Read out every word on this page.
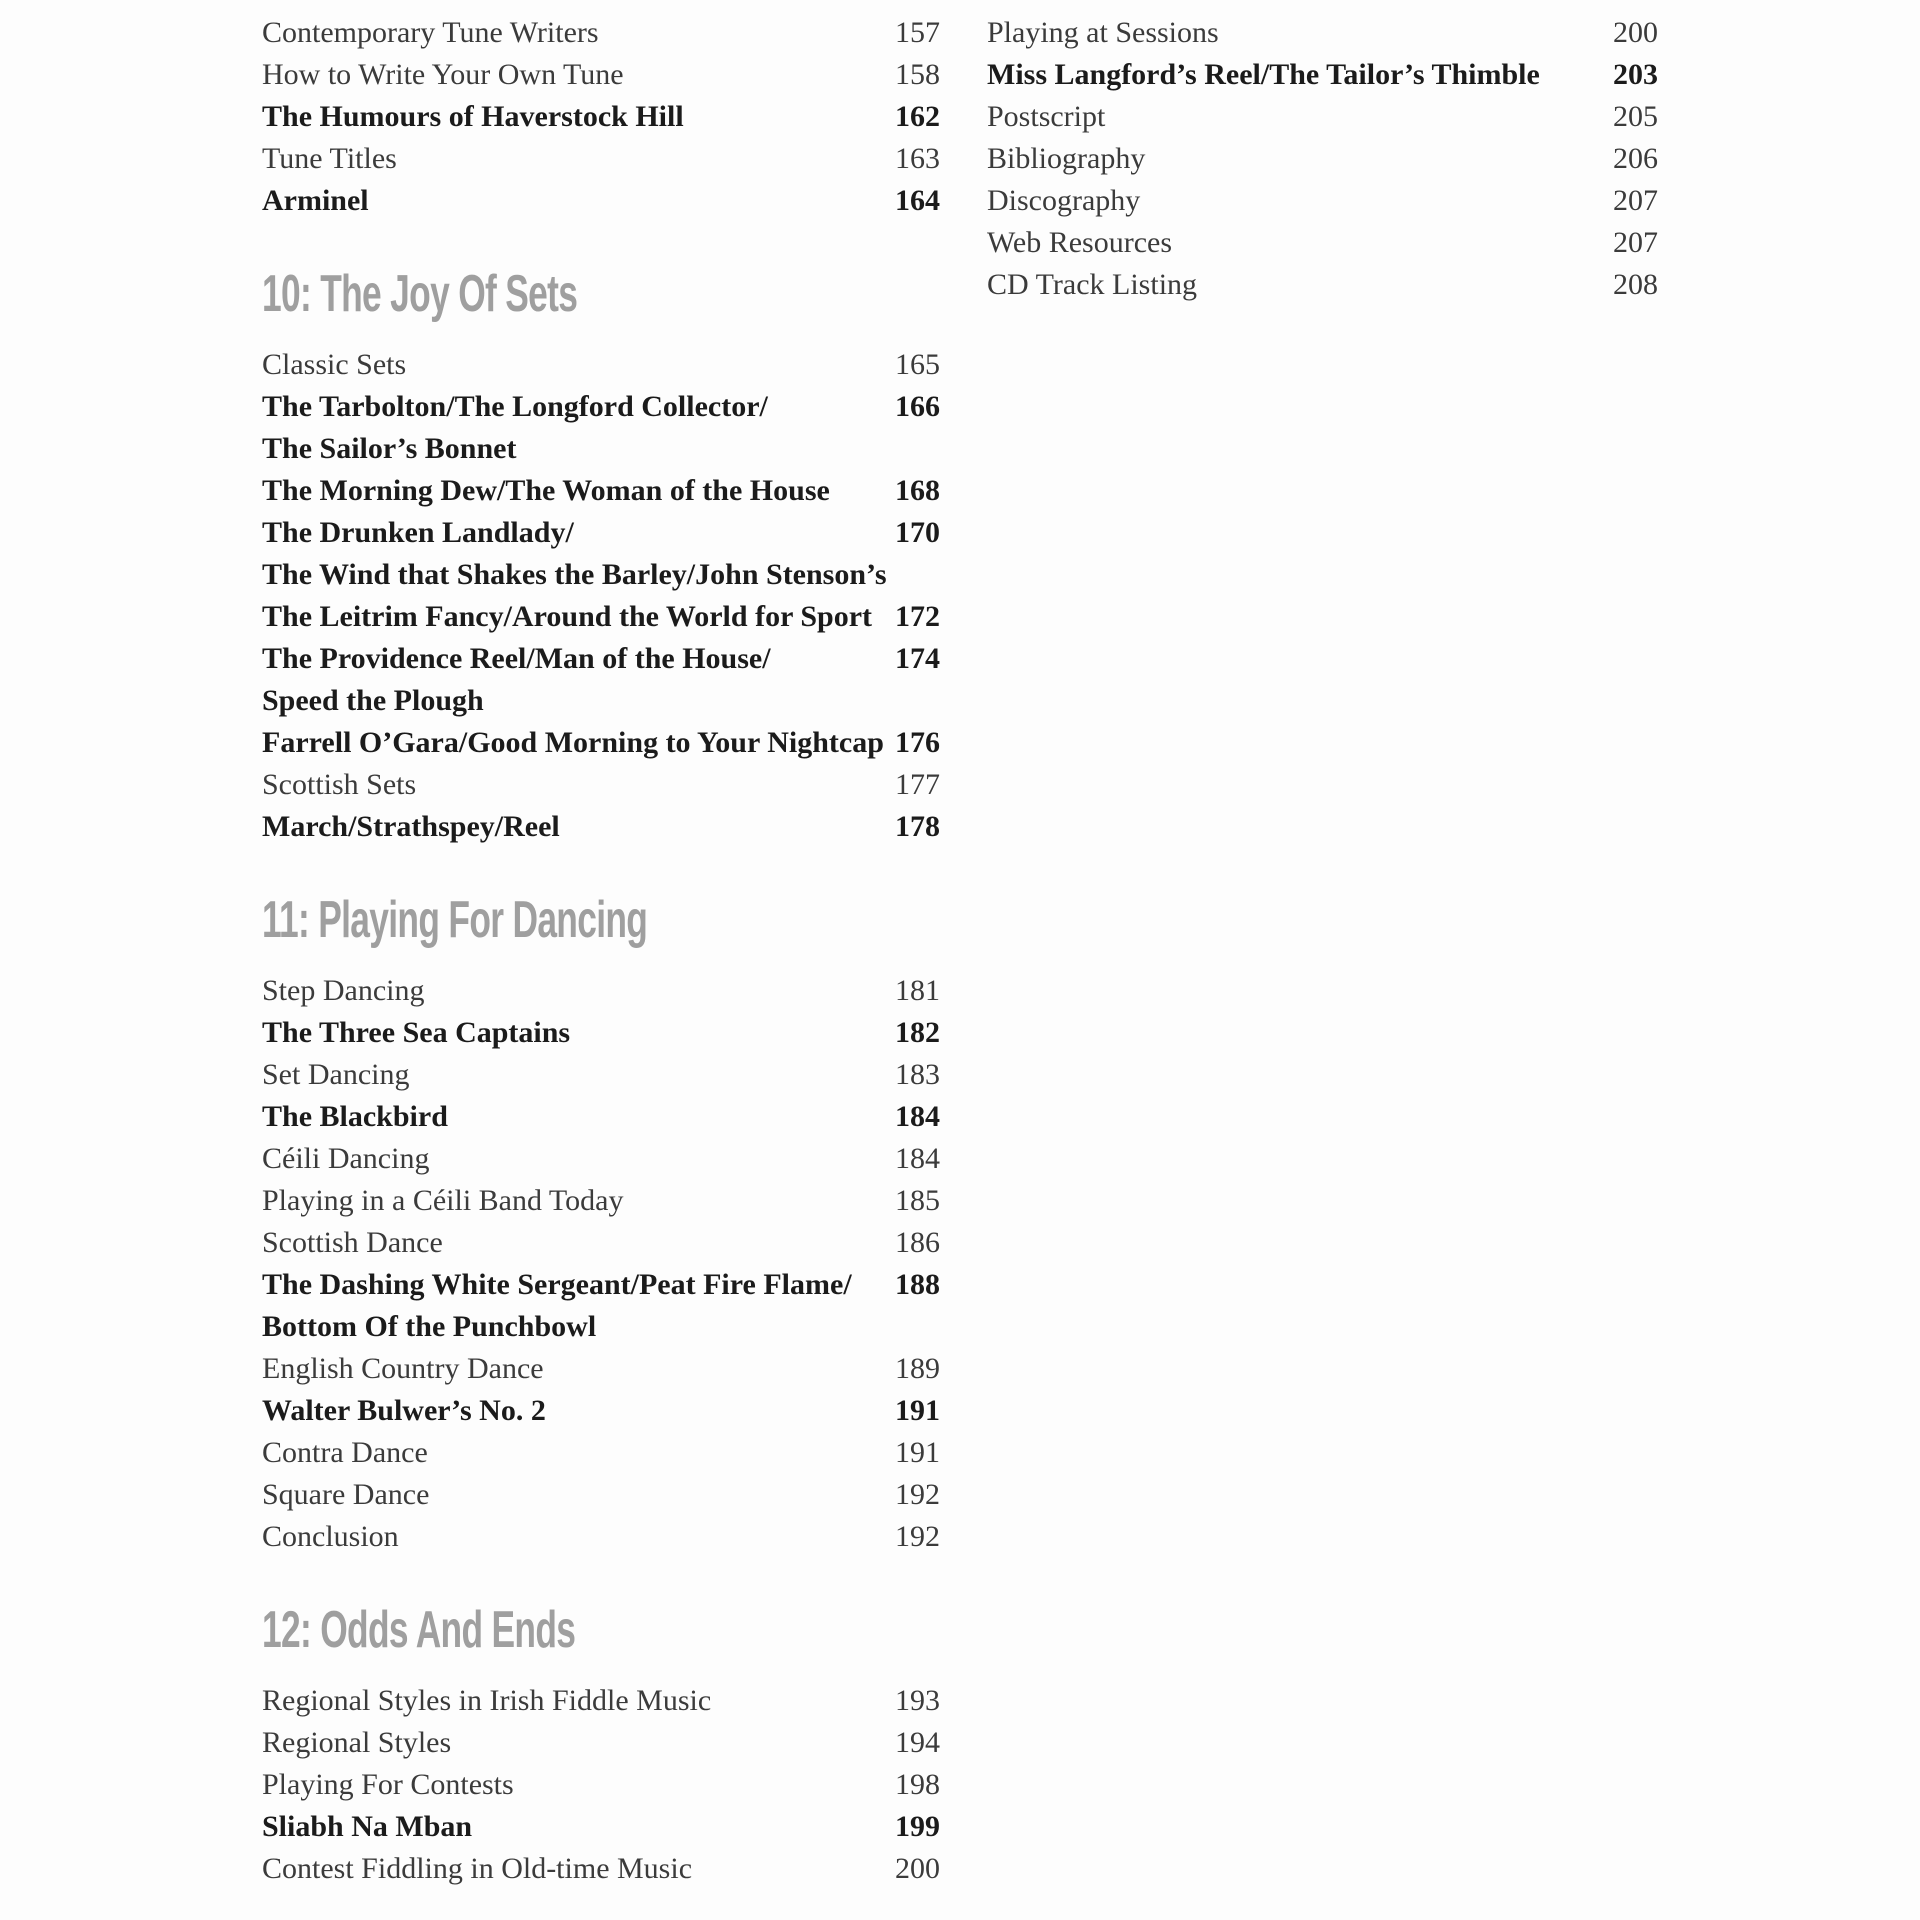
Contemporary Tune Writers	157
How to Write Your Own Tune	158
The Humours of Haverstock Hill	162
Tune Titles	163
Arminel	164
10: The Joy Of Sets
Classic Sets	165
The Tarbolton/The Longford Collector/	166
The Sailor’s Bonnet
The Morning Dew/The Woman of the House 168
The Drunken Landlady/	170
The Wind that Shakes the Barley/John Stenson’s
The Leitrim Fancy/Around the World for Sport 172
The Providence Reel/Man of the House/	174
Speed the Plough
Farrell O’Gara/Good Morning to Your Nightcap 176
Scottish Sets	177
March/Strathspey/Reel	178
11: Playing For Dancing
Step Dancing	181
The Three Sea Captains	182
Set Dancing	183
The Blackbird	184
Céili Dancing	184
Playing in a Céili Band Today	185
Scottish Dance	186
The Dashing White Sergeant/Peat Fire Flame/ 188
Bottom Of the Punchbowl
English Country Dance	189
Walter Bulwer’s No. 2	191
Contra Dance	191
Square Dance	192
Conclusion	192
12: Odds And Ends
Regional Styles in Irish Fiddle Music	193
Regional Styles	194
Playing For Contests	198
Sliabh Na Mban	199
Contest Fiddling in Old-time Music	200
Playing at Sessions	200
Miss Langford’s Reel/The Tailor’s Thimble 203
Postscript	205
Bibliography	206
Discography	207
Web Resources	207
CD Track Listing	208
